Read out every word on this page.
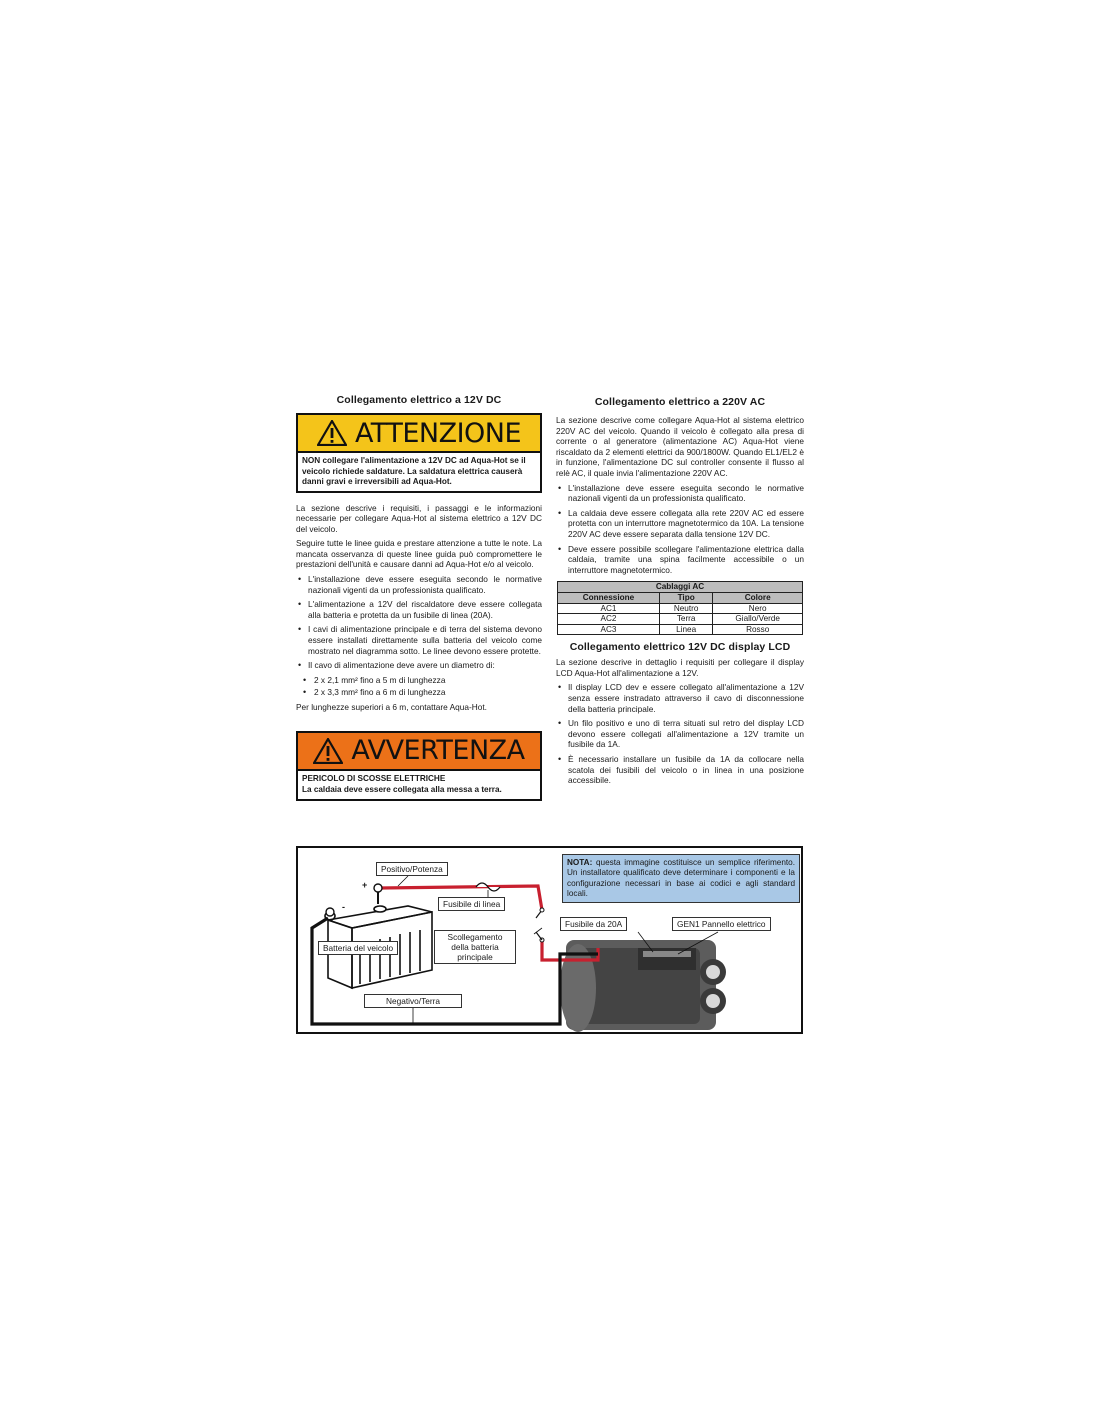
Collegamento elettrico a 12V DC
ATTENZIONE
NON collegare l'alimentazione a 12V DC ad Aqua-Hot se il veicolo richiede saldature. La saldatura elettrica causerà danni gravi e irreversibili ad Aqua-Hot.

La sezione descrive i requisiti, i passaggi e le informazioni necessarie per collegare Aqua-Hot al sistema elettrico a 12V DC del veicolo.

Seguire tutte le linee guida e prestare attenzione a tutte le note. La mancata osservanza di queste linee guida può compromettere le prestazioni dell'unità e causare danni ad Aqua-Hot e/o al veicolo.

• L'installazione deve essere eseguita secondo le normative nazionali vigenti da un professionista qualificato.
• L'alimentazione a 12V del riscaldatore deve essere collegata alla batteria e protetta da un fusibile di linea (20A).
• I cavi di alimentazione principale e di terra del sistema devono essere installati direttamente sulla batteria del veicolo come mostrato nel diagramma sotto. Le linee devono essere protette.
• Il cavo di alimentazione deve avere un diametro di:
• 2 x 2,1 mm² fino a 5 m di lunghezza
• 2 x 3,3 mm² fino a 6 m di lunghezza

Per lunghezze superiori a 6 m, contattare Aqua-Hot.

AVVERTENZA
PERICOLO DI SCOSSE ELETTRICHE
La caldaia deve essere collegata alla messa a terra.
Collegamento elettrico a 220V AC

La sezione descrive come collegare Aqua-Hot al sistema elettrico 220V AC del veicolo. Quando il veicolo è collegato alla presa di corrente o al generatore (alimentazione AC) Aqua-Hot viene riscaldato da 2 elementi elettrici da 900/1800W. Quando EL1/EL2 è in funzione, l'alimentazione DC sul controller consente il flusso al relè AC, il quale invia l'alimentazione 220V AC.

• L'installazione deve essere eseguita secondo le normative nazionali vigenti da un professionista qualificato.
• La caldaia deve essere collegata alla rete 220V AC ed essere protetta con un interruttore magnetotermico da 10A. La tensione 220V AC deve essere separata dalla tensione 12V DC.
• Deve essere possibile scollegare l'alimentazione elettrica dalla caldaia, tramite una spina facilmente accessibile o un interruttore magnetotermico.
Cablaggi AC		
Connessione	Tipo	Colore
AC1	Neutro	Nero
AC2	Terra	Giallo/Verde
AC3	Linea	Rosso
Collegamento elettrico 12V DC display LCD

La sezione descrive in dettaglio i requisiti per collegare il display LCD Aqua-Hot all'alimentazione a 12V.

• Il display LCD dev e essere collegato all'alimentazione a 12V senza essere instradato attraverso il cavo di disconnessione della batteria principale.
• Un filo positivo e uno di terra situati sul retro del display LCD devono essere collegati all'alimentazione a 12V tramite un fusibile da 1A.
• È necessario installare un fusibile da 1A da collocare nella scatola dei fusibili del veicolo o in linea in una posizione accessibile.
Positivo/Potenza
+
-	Fusibile di linea
Batteria del veicolo
Scollegamento della batteria principale
Negativo/Terra
Fusibile da 20A	GEN1 Pannello elettrico
NOTA: questa immagine costituisce un semplice riferimento. Un installatore qualificato deve determinare i componenti e la configurazione necessari in base ai codici e agli standard locali.
